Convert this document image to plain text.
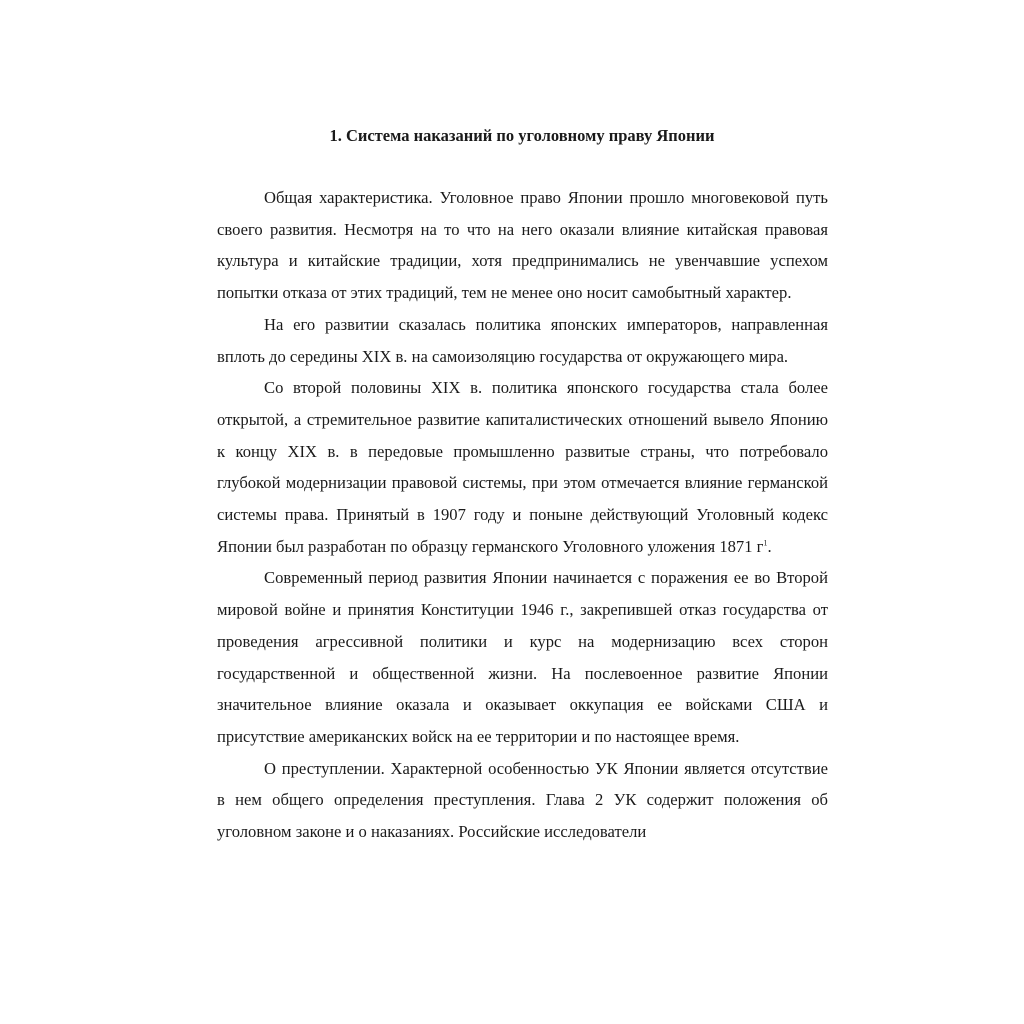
1. Система наказаний по уголовному праву Японии

Общая характеристика. Уголовное право Японии прошло многовековой путь своего развития. Несмотря на то что на него оказали влияние китайская правовая культура и китайские традиции, хотя предпринимались не увенчавшие успехом попытки отказа от этих традиций, тем не менее оно носит самобытный характер.

На его развитии сказалась политика японских императоров, направленная вплоть до середины XIX в. на самоизоляцию государства от окружающего мира.

Со второй половины XIX в. политика японского государства стала более открытой, а стремительное развитие капиталистических отношений вывело Японию к концу XIX в. в передовые промышленно развитые страны, что потребовало глубокой модернизации правовой системы, при этом отмечается влияние германской системы права. Принятый в 1907 году и поныне действующий Уголовный кодекс Японии был разработан по образцу германского Уголовного уложения 1871 г$^1$.

Современный период развития Японии начинается с поражения ее во Второй мировой войне и принятия Конституции 1946 г., закрепившей отказ государства от проведения агрессивной политики и курс на модернизацию всех сторон государственной и общественной жизни. На послевоенное развитие Японии значительное влияние оказала и оказывает оккупация ее войсками США и присутствие американских войск на ее территории и по настоящее время.

О преступлении. Характерной особенностью УК Японии является отсутствие в нем общего определения преступления. Глава 2 УК содержит положения об уголовном законе и о наказаниях. Российские исследователи
